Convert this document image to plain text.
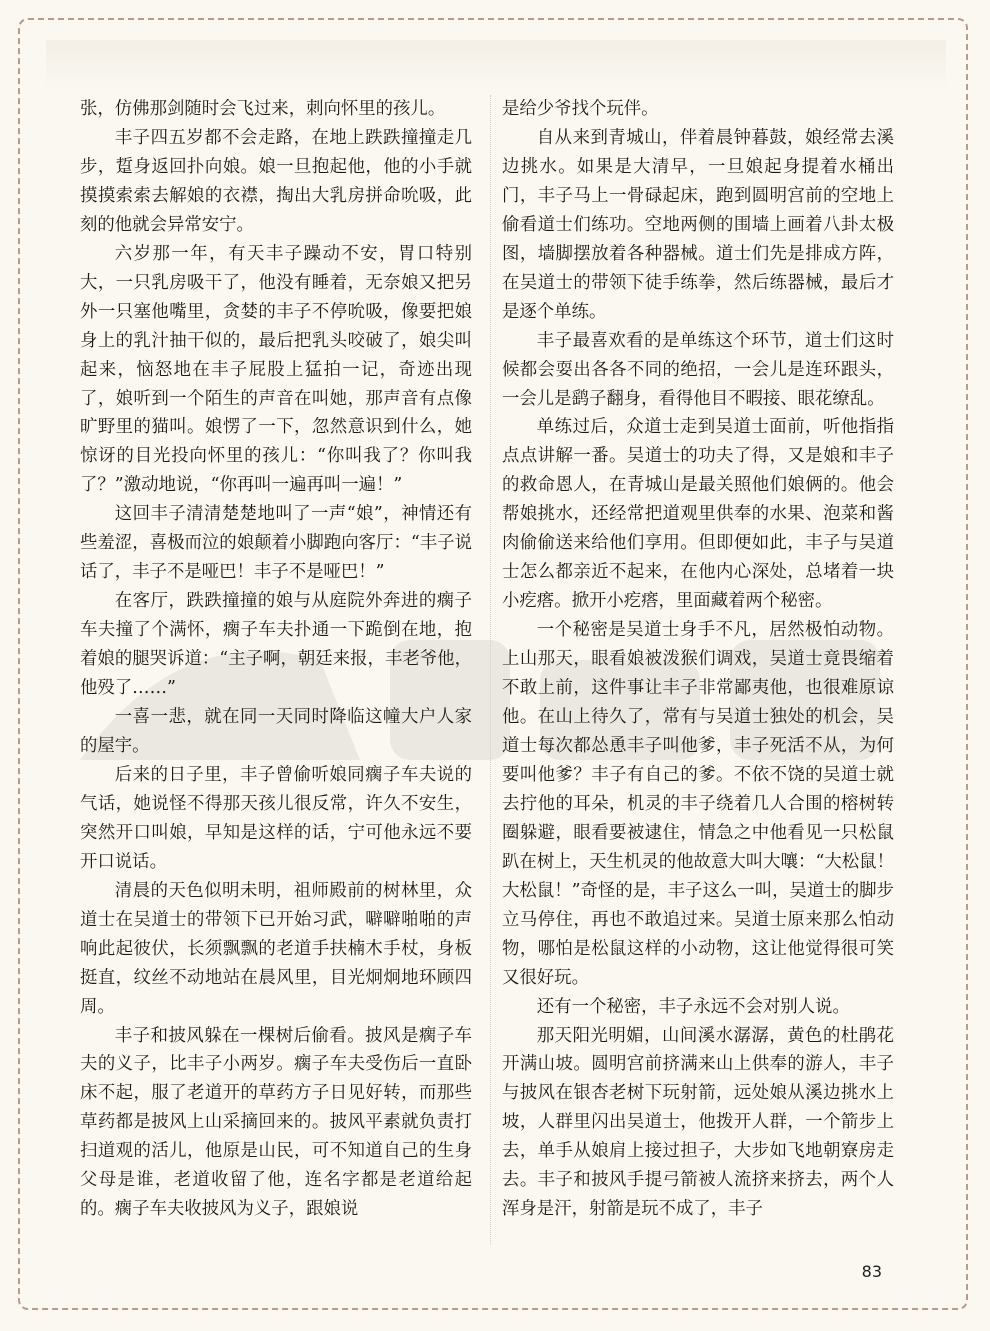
张，仿佛那剑随时会飞过来，刺向怀里的孩儿。

丰子四五岁都不会走路，在地上跌跌撞撞走几步，踅身返回扑向娘。娘一旦抱起他，他的小手就摸摸索索去解娘的衣襟，掏出大乳房拼命吮吸，此刻的他就会异常安宁。

六岁那一年，有天丰子躁动不安，胃口特别大，一只乳房吸干了，他没有睡着，无奈娘又把另外一只塞他嘴里，贪婪的丰子不停吮吸，像要把娘身上的乳汁抽干似的，最后把乳头咬破了，娘尖叫起来，恼怒地在丰子屁股上猛拍一记，奇迹出现了，娘听到一个陌生的声音在叫她，那声音有点像旷野里的猫叫。娘愣了一下，忽然意识到什么，她惊讶的目光投向怀里的孩儿：“你叫我了？你叫我了？”激动地说，“你再叫一遍再叫一遍！”

这回丰子清清楚楚地叫了一声“娘”，神情还有些羞涩，喜极而泣的娘颠着小脚跑向客厅：“丰子说话了，丰子不是哑巴！丰子不是哑巴！”

在客厅，跌跌撞撞的娘与从庭院外奔进的瘸子车夫撞了个满怀，瘸子车夫扑通一下跪倒在地，抱着娘的腿哭诉道：“主子啊，朝廷来报，丰老爷他，他殁了……”

一喜一悲，就在同一天同时降临这幢大户人家的屋宇。

后来的日子里，丰子曾偷听娘同瘸子车夫说的气话，她说怪不得那天孩儿很反常，许久不安生，突然开口叫娘，早知是这样的话，宁可他永远不要开口说话。

清晨的天色似明未明，祖师殿前的树林里，众道士在吴道士的带领下已开始习武，噼噼啪啪的声响此起彼伏，长须飘飘的老道手扶楠木手杖，身板挺直，纹丝不动地站在晨风里，目光炯炯地环顾四周。

丰子和披风躲在一棵树后偷看。披风是瘸子车夫的义子，比丰子小两岁。瘸子车夫受伤后一直卧床不起，服了老道开的草药方子日见好转，而那些草药都是披风上山采摘回来的。披风平素就负责打扫道观的活儿，他原是山民，可不知道自己的生身父母是谁，老道收留了他，连名字都是老道给起的。瘸子车夫收披风为义子，跟娘说

是给少爷找个玩伴。

自从来到青城山，伴着晨钟暮鼓，娘经常去溪边挑水。如果是大清早，一旦娘起身提着水桶出门，丰子马上一骨碌起床，跑到圆明宫前的空地上偷看道士们练功。空地两侧的围墙上画着八卦太极图，墙脚摆放着各种器械。道士们先是排成方阵，在吴道士的带领下徒手练拳，然后练器械，最后才是逐个单练。

丰子最喜欢看的是单练这个环节，道士们这时候都会耍出各各不同的绝招，一会儿是连环跟头，一会儿是鹞子翻身，看得他目不暇接、眼花缭乱。

单练过后，众道士走到吴道士面前，听他指指点点讲解一番。吴道士的功夫了得，又是娘和丰子的救命恩人，在青城山是最关照他们娘俩的。他会帮娘挑水，还经常把道观里供奉的水果、泡菜和酱肉偷偷送来给他们享用。但即便如此，丰子与吴道士怎么都亲近不起来，在他内心深处，总堵着一块小疙瘩。掀开小疙瘩，里面藏着两个秘密。

一个秘密是吴道士身手不凡，居然极怕动物。上山那天，眼看娘被泼猴们调戏，吴道士竟畏缩着不敢上前，这件事让丰子非常鄙夷他，也很难原谅他。在山上待久了，常有与吴道士独处的机会，吴道士每次都怂恿丰子叫他爹，丰子死活不从，为何要叫他爹？丰子有自己的爹。不依不饶的吴道士就去拧他的耳朵，机灵的丰子绕着几人合围的榕树转圈躲避，眼看要被逮住，情急之中他看见一只松鼠趴在树上，天生机灵的他故意大叫大嚷：“大松鼠！大松鼠！”奇怪的是，丰子这么一叫，吴道士的脚步立马停住，再也不敢追过来。吴道士原来那么怕动物，哪怕是松鼠这样的小动物，这让他觉得很可笑又很好玩。

还有一个秘密，丰子永远不会对别人说。

那天阳光明媚，山间溪水潺潺，黄色的杜鹃花开满山坡。圆明宫前挤满来山上供奉的游人，丰子与披风在银杏老树下玩射箭，远处娘从溪边挑水上坡，人群里闪出吴道士，他拨开人群，一个箭步上去，单手从娘肩上接过担子，大步如飞地朝寮房走去。丰子和披风手提弓箭被人流挤来挤去，两个人浑身是汗，射箭是玩不成了，丰子

83
